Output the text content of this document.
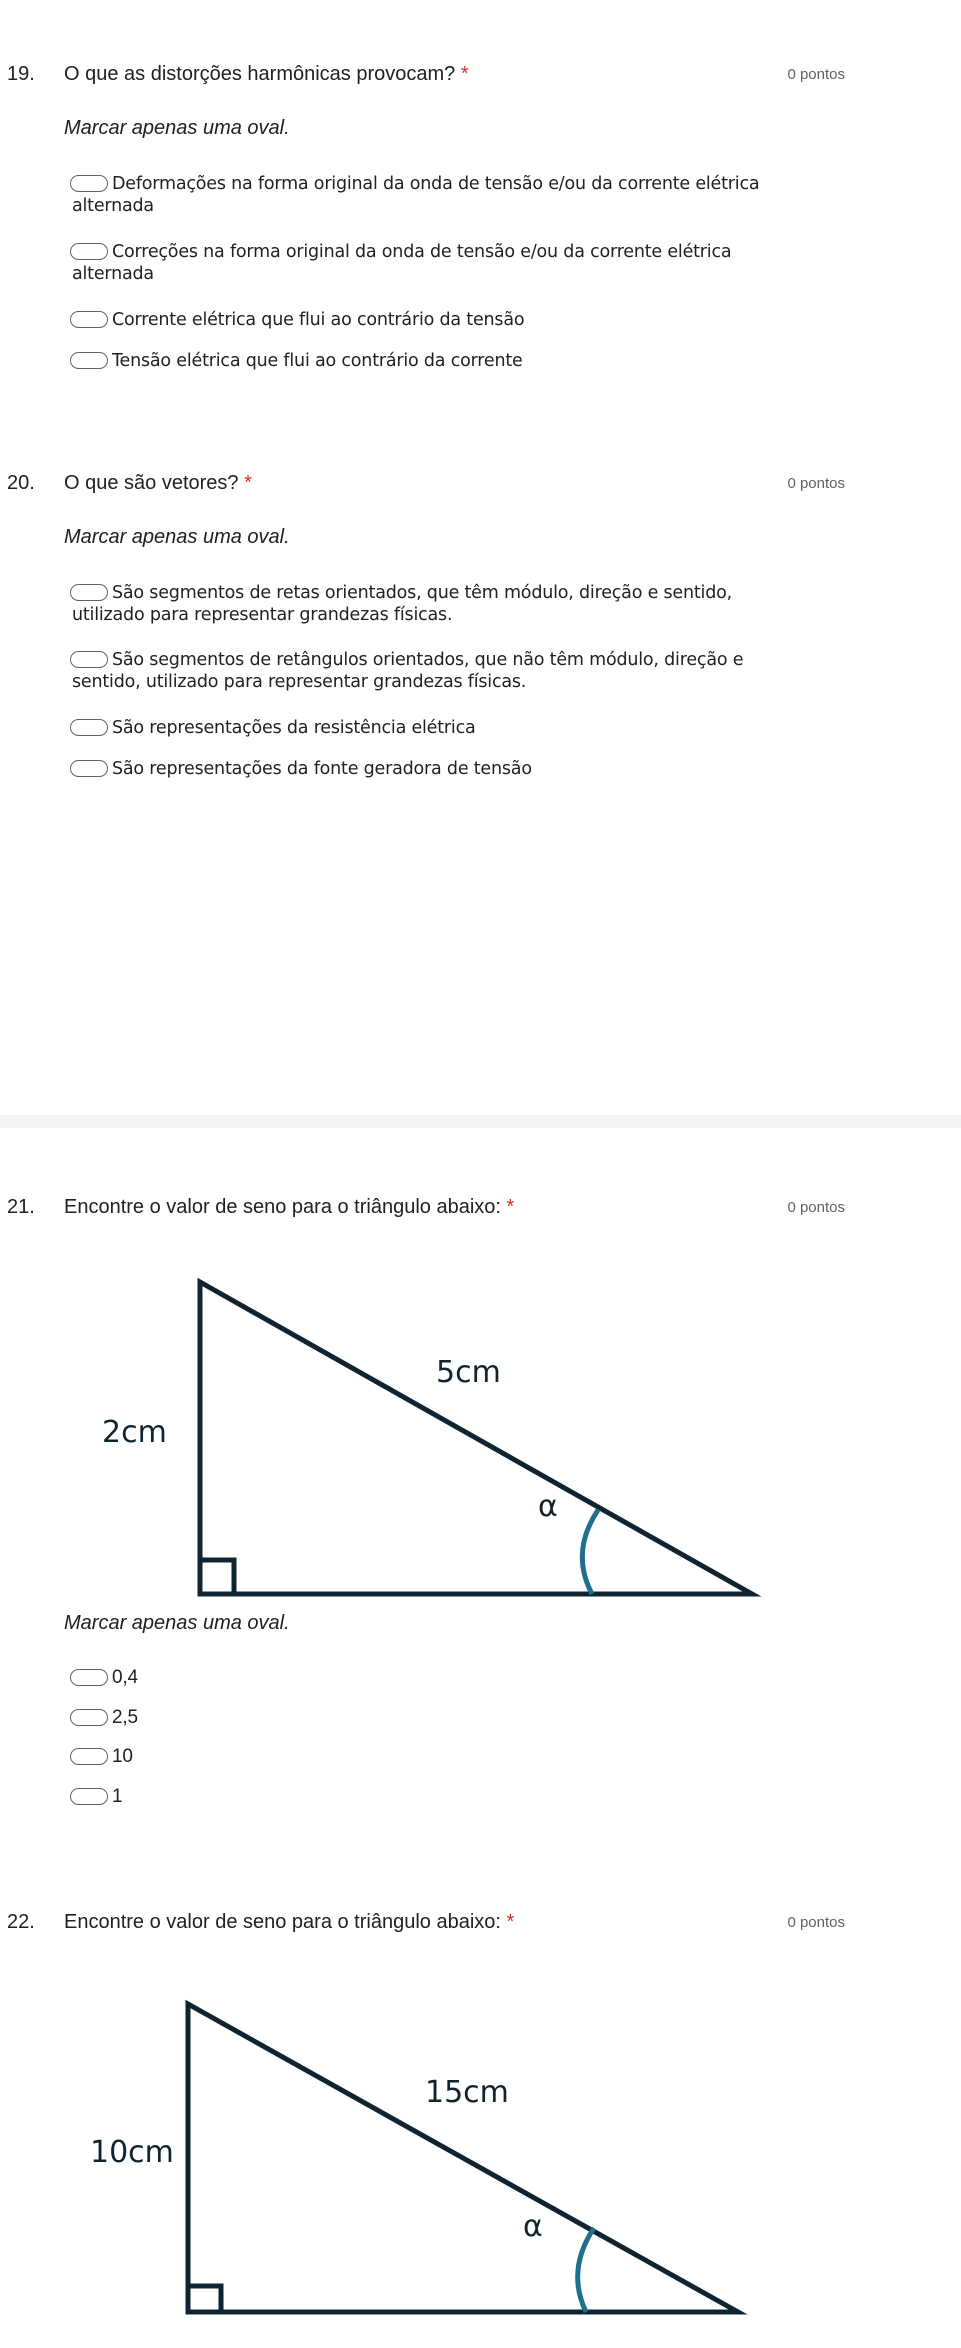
19. O que as distorções harmônicas provocam? *	0 pontos
Marcar apenas uma oval.
Deformações na forma original da onda de tensão e/ou da corrente elétrica alternada
Correções na forma original da onda de tensão e/ou da corrente elétrica alternada
Corrente elétrica que flui ao contrário da tensão
Tensão elétrica que flui ao contrário da corrente
20. O que são vetores? *	0 pontos
Marcar apenas uma oval.
São segmentos de retas orientados, que têm módulo, direção e sentido, utilizado para representar grandezas físicas.
São segmentos de retângulos orientados, que não têm módulo, direção e sentido, utilizado para representar grandezas físicas.
São representações da resistência elétrica
São representações da fonte geradora de tensão
21. Encontre o valor de seno para o triângulo abaixo: *	0 pontos
2cm
5cm
α
Marcar apenas uma oval.
0,4
2,5
10
1
22. Encontre o valor de seno para o triângulo abaixo: *	0 pontos
10cm
15cm
α
